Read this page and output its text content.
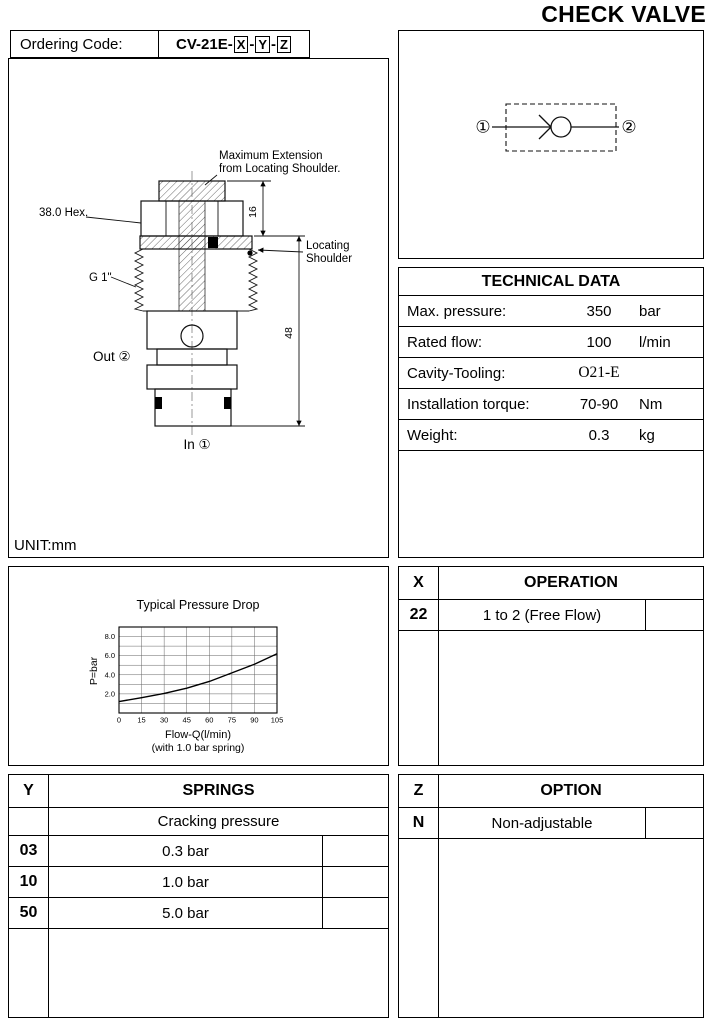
CHECK VALVE
Ordering Code:	CV-21E- X - Y - Z
Maximum Extension
from Locating Shoulder.
38.0 Hex.
G 1"
Locating
Shoulder
Out ②
In ①
16
48
UNIT:mm
①	②
TECHNICAL DATA
Max. pressure:	350	bar
Rated flow:	100	l/min
Cavity-Tooling:	O21-E
Installation torque:	70-90	Nm
Weight:	0.3	kg
Typical Pressure Drop
P=bar
2.0
4.0
6.0
8.0
0 15 30 45 60 75 90 105
Flow-Q(l/min)
(with 1.0 bar spring)
X	OPERATION
22	1 to 2 (Free Flow)
Y	SPRINGS
Cracking pressure
03	0.3 bar
10	1.0 bar
50	5.0 bar
Z	OPTION
N	Non-adjustable
